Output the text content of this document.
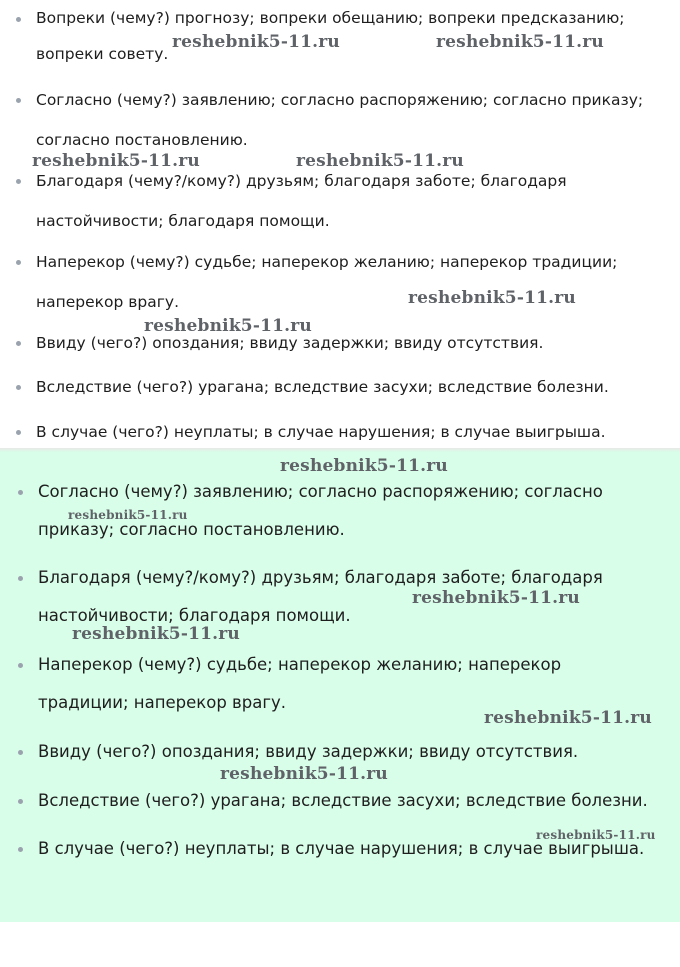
Вопреки (чему?) прогнозу; вопреки обещанию; вопреки предсказанию;
вопреки совету.
Согласно (чему?) заявлению; согласно распоряжению; согласно приказу;
согласно постановлению.
Благодаря (чему?/кому?) друзьям; благодаря заботе; благодаря
настойчивости; благодаря помощи.
Наперекор (чему?) судьбе; наперекор желанию; наперекор традиции;
наперекор врагу.
Ввиду (чего?) опоздания; ввиду задержки; ввиду отсутствия.
Вследствие (чего?) урагана; вследствие засухи; вследствие болезни.
В случае (чего?) неуплаты; в случае нарушения; в случае выигрыша.
Согласно (чему?) заявлению; согласно распоряжению; согласно
приказу; согласно постановлению.
Благодаря (чему?/кому?) друзьям; благодаря заботе; благодаря
настойчивости; благодаря помощи.
Наперекор (чему?) судьбе; наперекор желанию; наперекор
традиции; наперекор врагу.
Ввиду (чего?) опоздания; ввиду задержки; ввиду отсутствия.
Вследствие (чего?) урагана; вследствие засухи; вследствие болезни.
В случае (чего?) неуплаты; в случае нарушения; в случае выигрыша.
reshebnik5-11.ru	reshebnik5-11.ru
reshebnik5-11.ru	reshebnik5-11.ru
reshebnik5-11.ru
reshebnik5-11.ru
reshebnik5-11.ru
reshebnik5-11.ru
reshebnik5-11.ru
reshebnik5-11.ru
reshebnik5-11.ru
reshebnik5-11.ru
reshebnik5-11.ru
